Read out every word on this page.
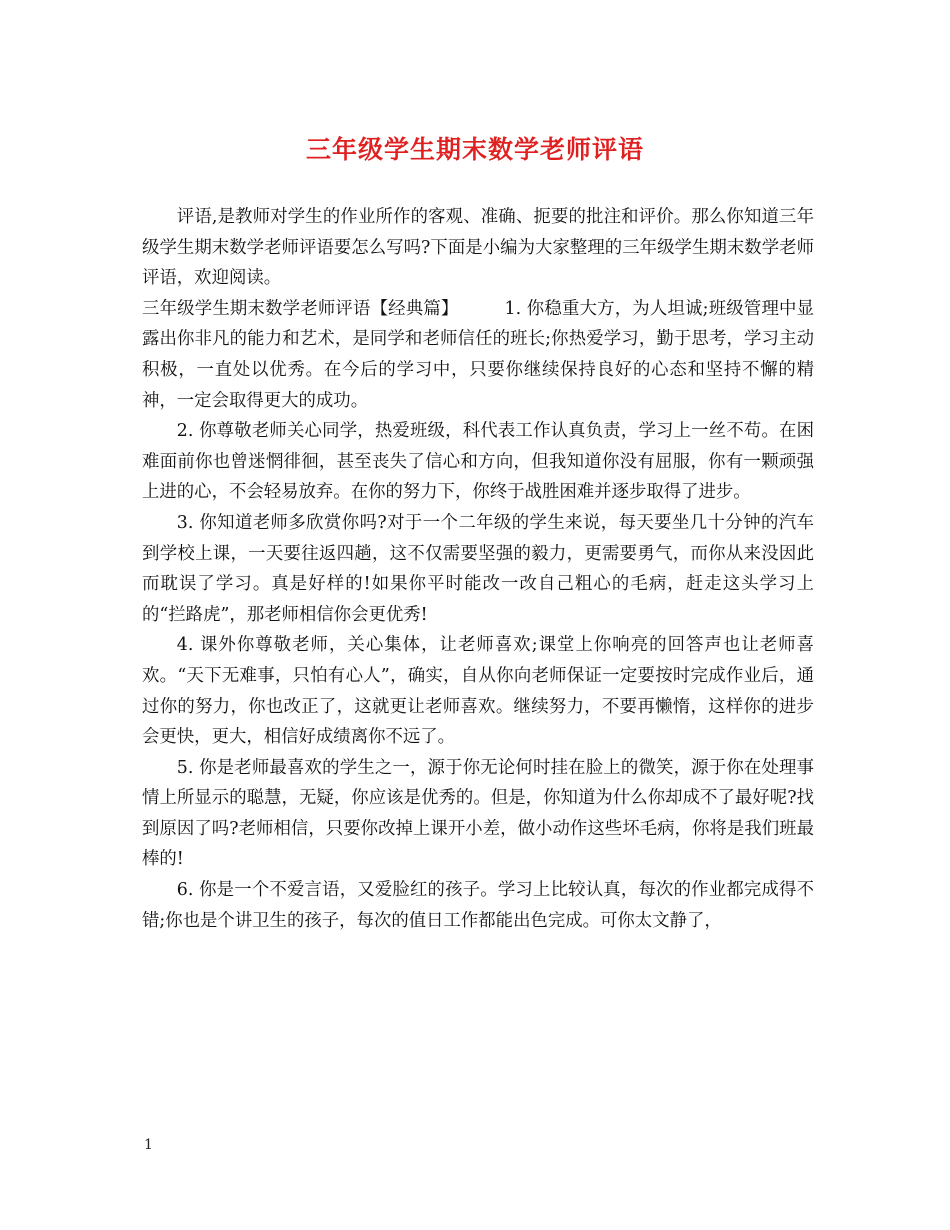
三年级学生期末数学老师评语

评语,是教师对学生的作业所作的客观、准确、扼要的批注和评价。那么你知道三年级学生期末数学老师评语要怎么写吗?下面是小编为大家整理的三年级学生期末数学老师评语，欢迎阅读。

三年级学生期末数学老师评语【经典篇】	1. 你稳重大方，为人坦诚;班级管理中显露出你非凡的能力和艺术，是同学和老师信任的班长;你热爱学习，勤于思考，学习主动积极，一直处以优秀。在今后的学习中，只要你继续保持良好的心态和坚持不懈的精神，一定会取得更大的成功。

2. 你尊敬老师关心同学，热爱班级，科代表工作认真负责，学习上一丝不苟。在困难面前你也曾迷惘徘徊，甚至丧失了信心和方向，但我知道你没有屈服，你有一颗顽强上进的心，不会轻易放弃。在你的努力下，你终于战胜困难并逐步取得了进步。

3. 你知道老师多欣赏你吗?对于一个二年级的学生来说，每天要坐几十分钟的汽车到学校上课，一天要往返四趟，这不仅需要坚强的毅力，更需要勇气，而你从来没因此而耽误了学习。真是好样的!如果你平时能改一改自己粗心的毛病，赶走这头学习上的“拦路虎”，那老师相信你会更优秀!

4. 课外你尊敬老师，关心集体，让老师喜欢;课堂上你响亮的回答声也让老师喜欢。“天下无难事，只怕有心人”，确实，自从你向老师保证一定要按时完成作业后，通过你的努力，你也改正了，这就更让老师喜欢。继续努力，不要再懒惰，这样你的进步会更快，更大，相信好成绩离你不远了。

5. 你是老师最喜欢的学生之一，源于你无论何时挂在脸上的微笑，源于你在处理事情上所显示的聪慧，无疑，你应该是优秀的。但是，你知道为什么你却成不了最好呢?找到原因了吗?老师相信，只要你改掉上课开小差，做小动作这些坏毛病，你将是我们班最棒的!

6. 你是一个不爱言语，又爱脸红的孩子。学习上比较认真，每次的作业都完成得不错;你也是个讲卫生的孩子，每次的值日工作都能出色完成。可你太文静了，

1
